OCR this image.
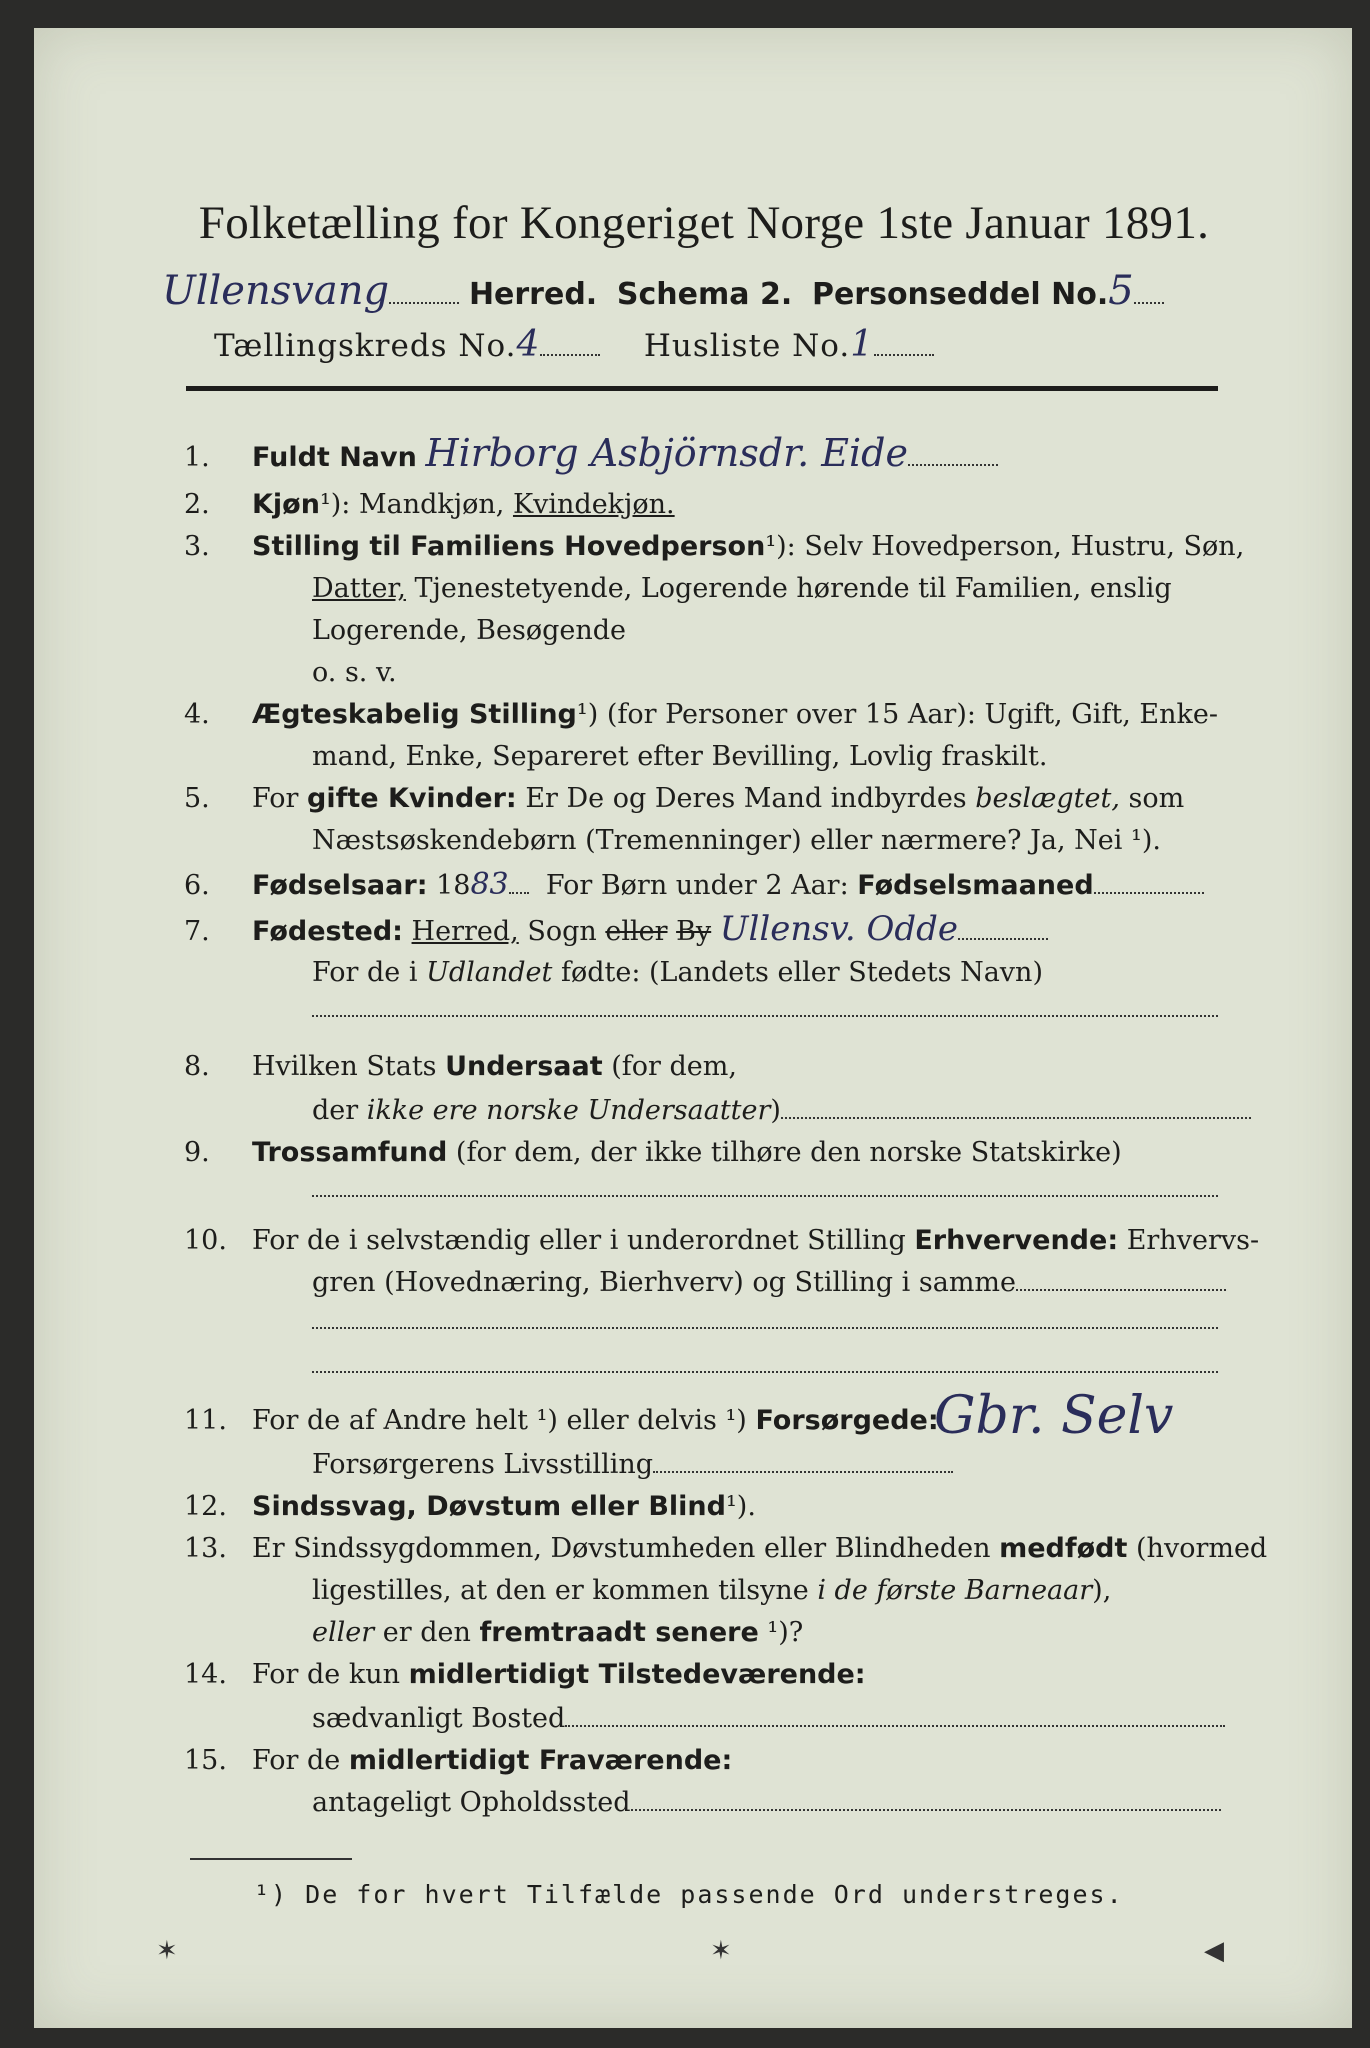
Folketælling for Kongeriget Norge 1ste Januar 1891.
Ullensvang	Herred. Schema 2. Personseddel No.5
Tællingskreds No.4	Husliste No.1
1. Fuldt Navn Hirborg Asbjörnsdr. Eide
2. Kjøn¹): Mandkjøn, Kvindekjøn.
3. Stilling til Familiens Hovedperson¹): Selv Hovedperson, Hustru, Søn,
Datter, Tjenestetyende, Logerende hørende til Familien, enslig
Logerende, Besøgende
o. s. v.
4. Ægteskabelig Stilling¹) (for Personer over 15 Aar): Ugift, Gift, Enke-
mand, Enke, Separeret efter Bevilling, Lovlig fraskilt.
5. For gifte Kvinder: Er De og Deres Mand indbyrdes beslægtet, som
Næstsøskendebørn (Tremenninger) eller nærmere? Ja, Nei ¹).
6. Fødselsaar: 1883 For Børn under 2 Aar: Fødselsmaaned
7. Fødested: Herred, Sogn eller By Ullensv. Odde
For de i Udlandet fødte: (Landets eller Stedets Navn)
8. Hvilken Stats Undersaat (for dem,
der ikke ere norske Undersaatter)
9. Trossamfund (for dem, der ikke tilhøre den norske Statskirke)
10. For de i selvstændig eller i underordnet Stilling Erhvervende: Erhvervs-
gren (Hovednæring, Bierhverv) og Stilling i samme
11. For de af Andre helt ¹) eller delvis ¹) Forsørgede:
Gbr. Selv
Forsørgerens Livsstilling
12. Sindssvag, Døvstum eller Blind¹).
13. Er Sindssygdommen, Døvstumheden eller Blindheden medfødt (hvormed
ligestilles, at den er kommen tilsyne i de første Barneaar),
eller er den fremtraadt senere ¹)?
14. For de kun midlertidigt Tilstedeværende:
sædvanligt Bosted
15. For de midlertidigt Fraværende:
antageligt Opholdssted
¹) De for hvert Tilfælde passende Ord understreges.
✶	✶	◀
